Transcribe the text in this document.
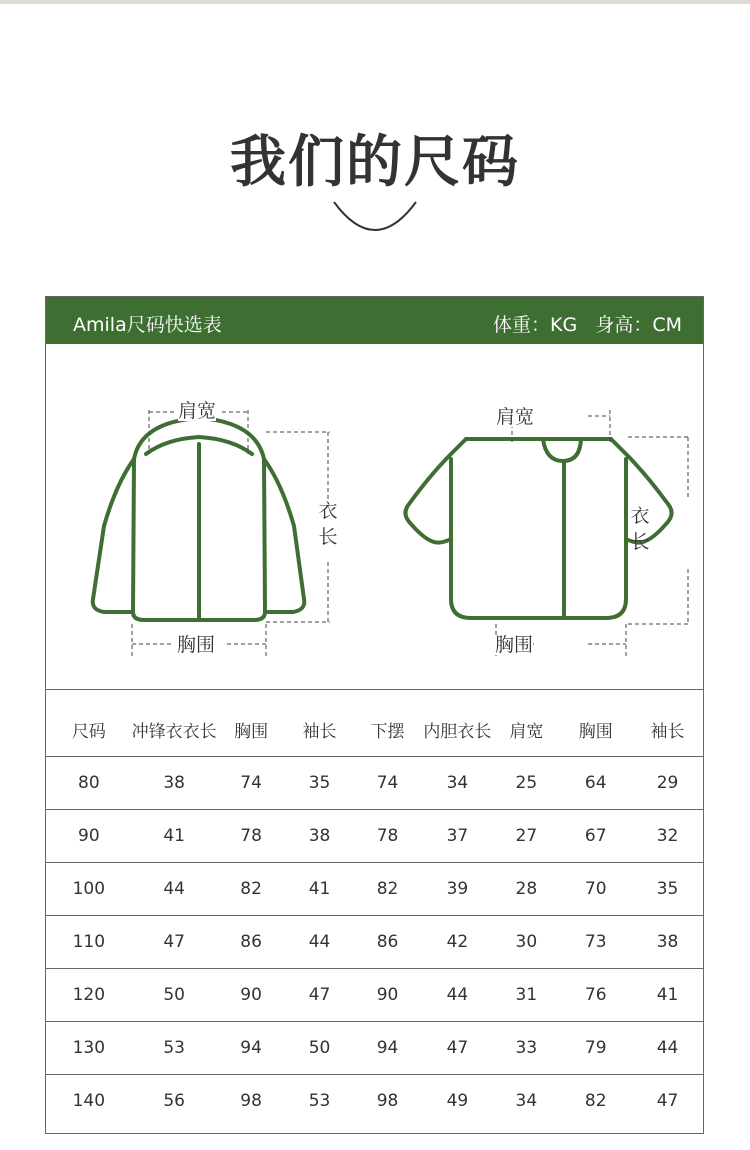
我们的尺码
Amila尺码快选表	体重：KG   身高：CM
肩宽
衣
长
胸围
肩宽
衣
长
胸围
尺码	冲锋衣衣长	胸围	袖长	下摆	内胆衣长	肩宽	胸围	袖长
80	38	74	35	74	34	25	64	29
90	41	78	38	78	37	27	67	32
100	44	82	41	82	39	28	70	35
110	47	86	44	86	42	30	73	38
120	50	90	47	90	44	31	76	41
130	53	94	50	94	47	33	79	44
140	56	98	53	98	49	34	82	47
